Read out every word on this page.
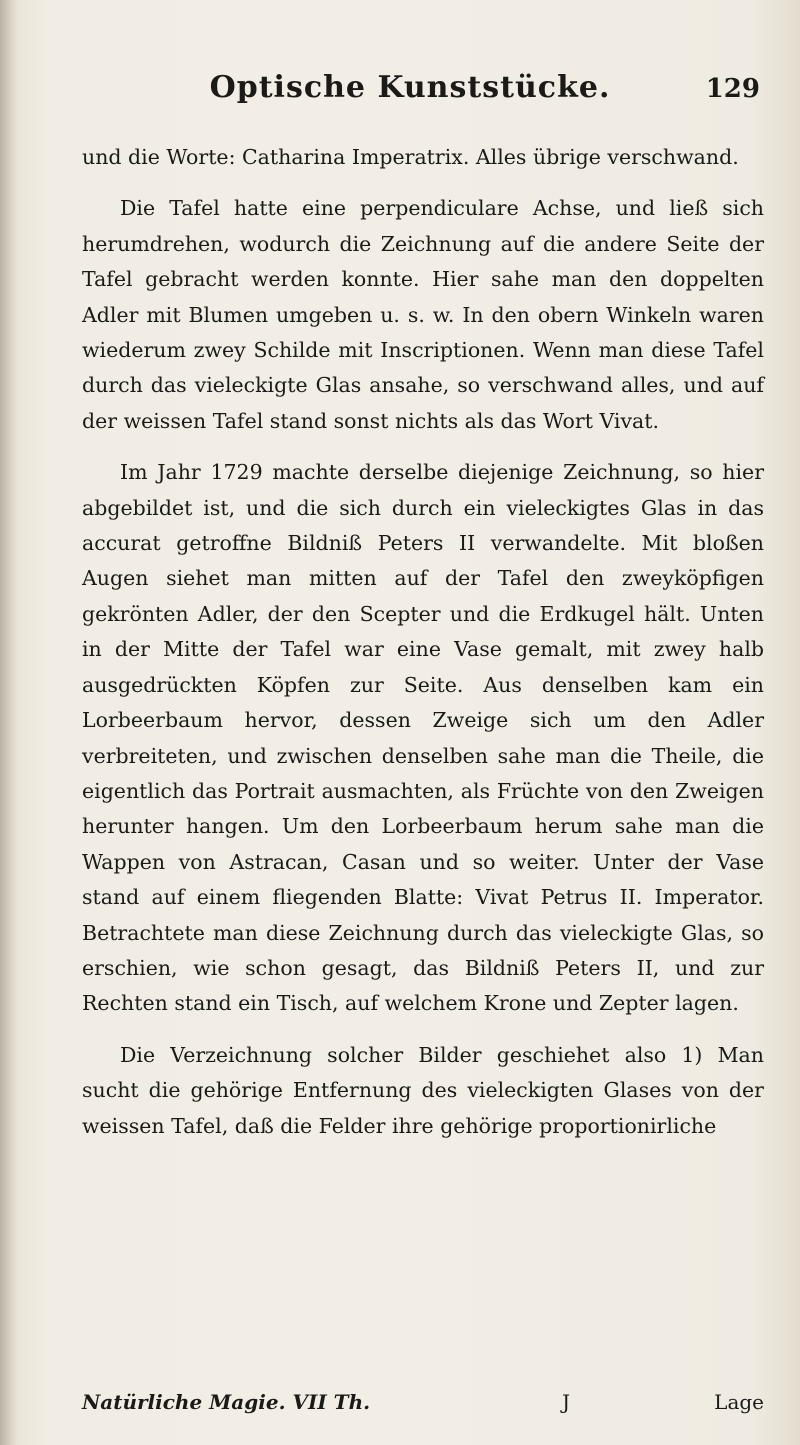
Optische Kunststücke.	129

und die Worte: Catharina Imperatrix. Alles übrige verschwand.

Die Tafel hatte eine perpendiculare Achse, und ließ sich herumdrehen, wodurch die Zeichnung auf die andere Seite der Tafel gebracht werden konnte. Hier sahe man den doppelten Adler mit Blumen umgeben u. s. w. In den obern Winkeln waren wiederum zwey Schilde mit Inscriptionen. Wenn man diese Tafel durch das vieleckigte Glas ansahe, so verschwand alles, und auf der weissen Tafel stand sonst nichts als das Wort Vivat.

Im Jahr 1729 machte derselbe diejenige Zeichnung, so hier abgebildet ist, und die sich durch ein vieleckigtes Glas in das accurat getroffne Bildniß Peters II verwandelte. Mit bloßen Augen siehet man mitten auf der Tafel den zweyköpfigen gekrönten Adler, der den Scepter und die Erdkugel hält. Unten in der Mitte der Tafel war eine Vase gemalt, mit zwey halb ausgedrückten Köpfen zur Seite. Aus denselben kam ein Lorbeerbaum hervor, dessen Zweige sich um den Adler verbreiteten, und zwischen denselben sahe man die Theile, die eigentlich das Portrait ausmachten, als Früchte von den Zweigen herunter hangen. Um den Lorbeerbaum herum sahe man die Wappen von Astracan, Casan und so weiter. Unter der Vase stand auf einem fliegenden Blatte: Vivat Petrus II. Imperator. Betrachtete man diese Zeichnung durch das vieleckigte Glas, so erschien, wie schon gesagt, das Bildniß Peters II, und zur Rechten stand ein Tisch, auf welchem Krone und Zepter lagen.

Die Verzeichnung solcher Bilder geschiehet also 1) Man sucht die gehörige Entfernung des vieleckigten Glases von der weissen Tafel, daß die Felder ihre gehörige proportionirliche

Natürliche Magie. VII Th.	J	Lage
